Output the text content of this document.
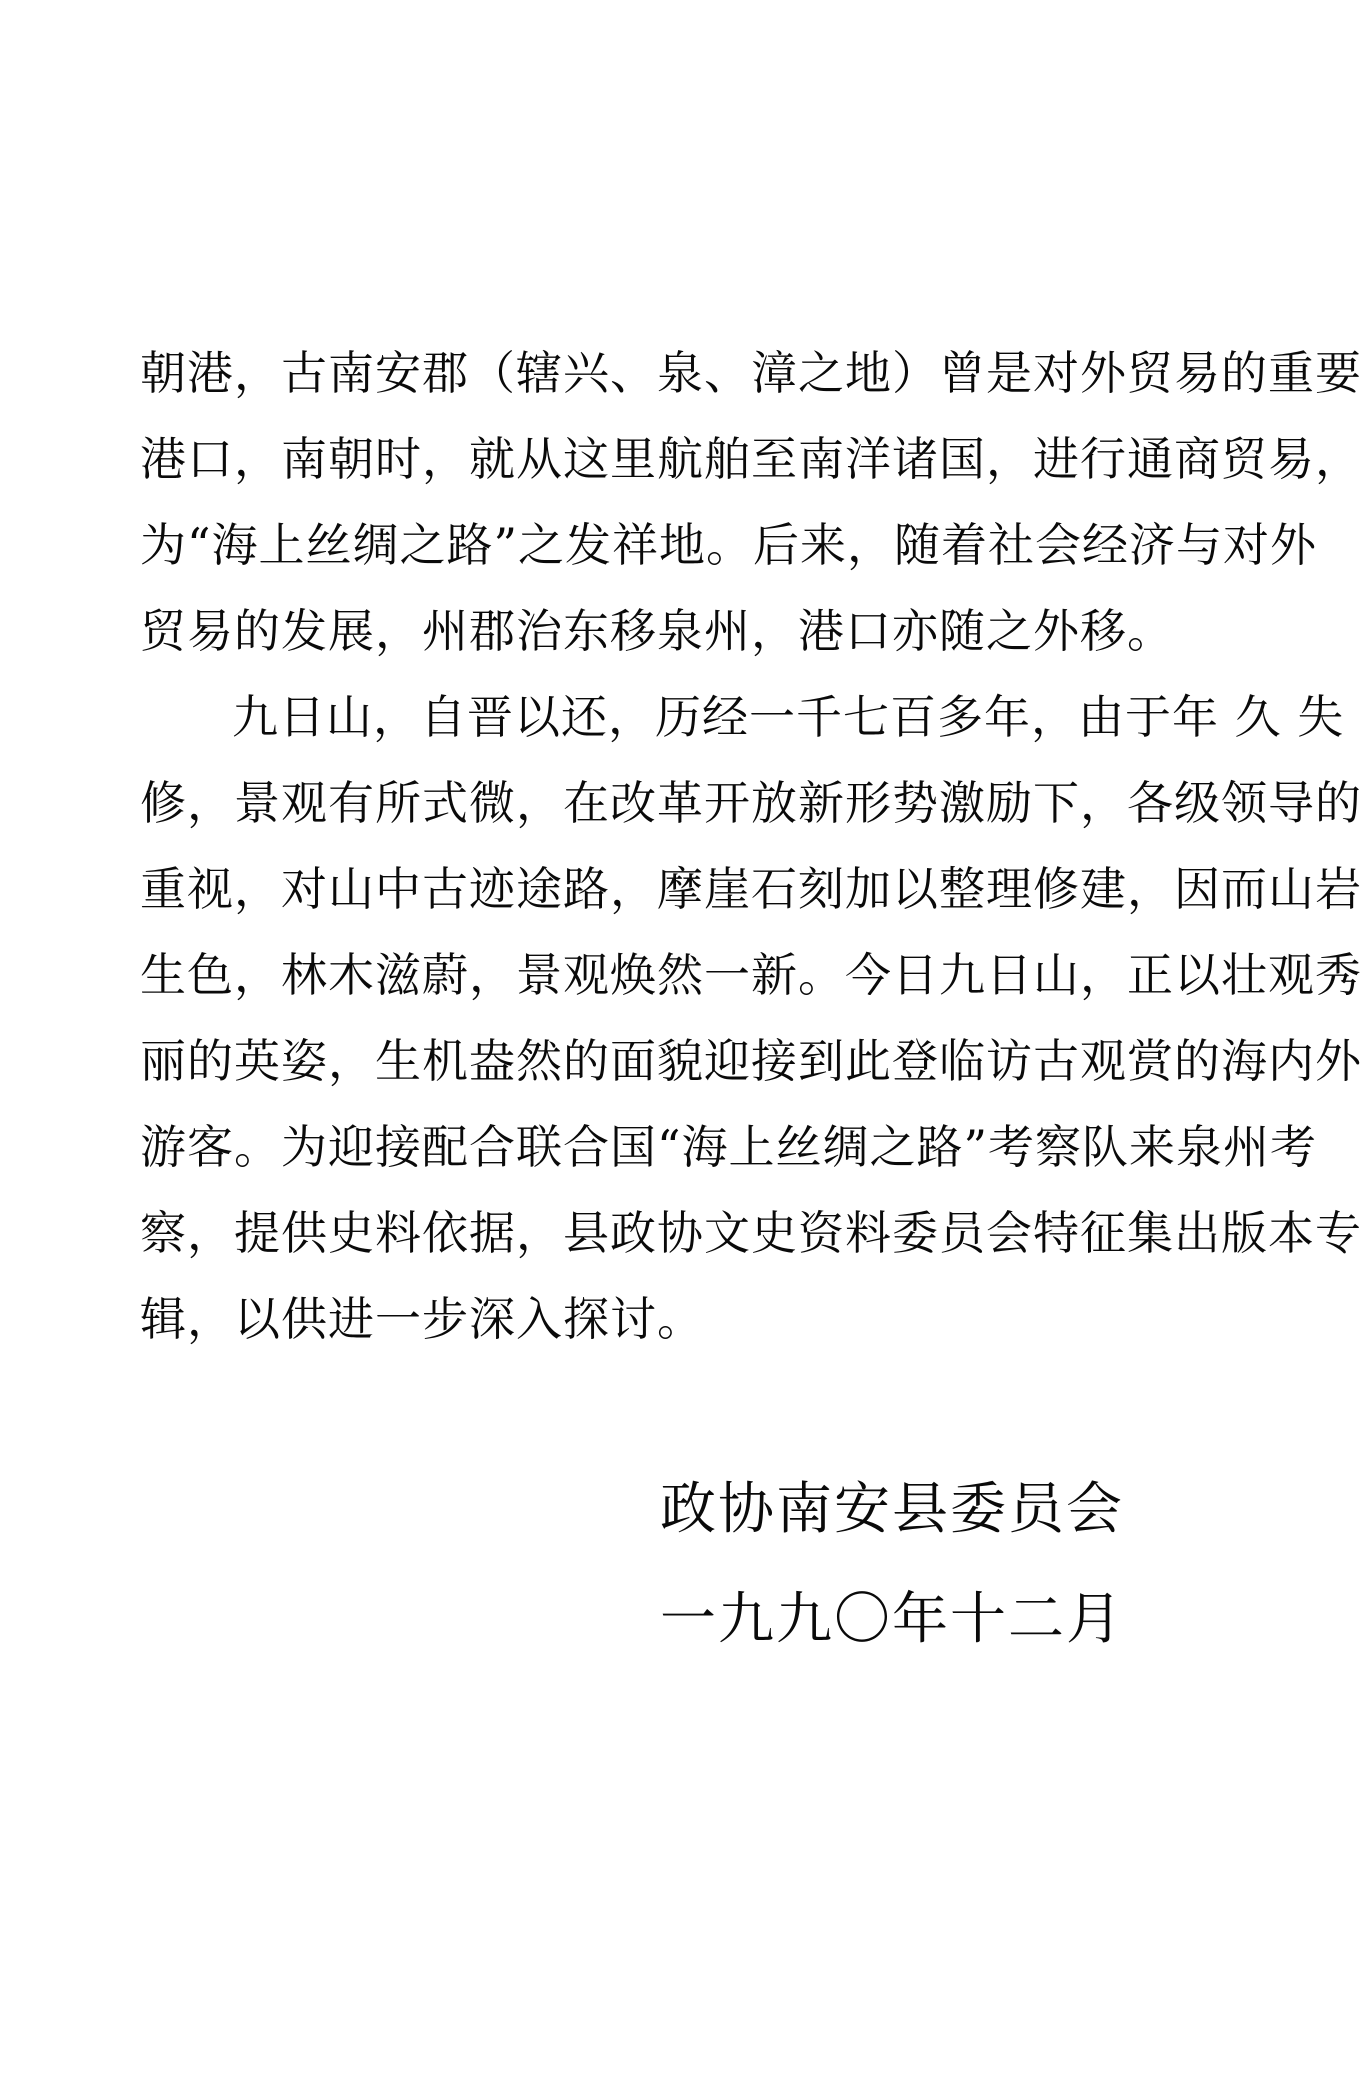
朝港，古南安郡（辖兴、泉、漳之地）曾是对外贸易的重要
港口，南朝时，就从这里航舶至南洋诸国，进行通商贸易，
为“海上丝绸之路”之发祥地。后来，随着社会经济与对外
贸易的发展，州郡治东移泉州，港口亦随之外移。
九日山，自晋以还，历经一千七百多年，由于年 久 失
修，景观有所式微，在改革开放新形势激励下，各级领导的
重视，对山中古迹途路，摩崖石刻加以整理修建，因而山岩
生色，林木滋蔚，景观焕然一新。今日九日山，正以壮观秀
丽的英姿，生机盎然的面貌迎接到此登临访古观赏的海内外
游客。为迎接配合联合国“海上丝绸之路”考察队来泉州考
察，提供史料依据，县政协文史资料委员会特征集出版本专
辑，以供进一步深入探讨。
政协南安县委员会
一九九〇年十二月
